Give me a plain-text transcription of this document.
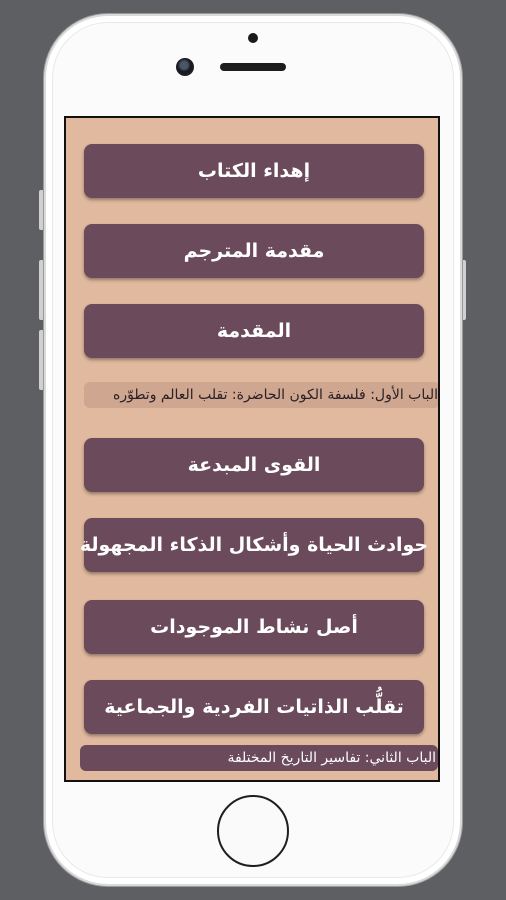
إهداء الكتاب
مقدمة المترجم
المقدمة
الباب الأول: فلسفة الكون الحاضرة: تقلب العالم وتطوّره
القوى المبدعة
حوادث الحياة وأشكال الذكاء المجهولة
أصل نشاط الموجودات
تقلُّب الذاتيات الفردية والجماعية
الباب الثاني: تفاسير التاريخ المختلفة
